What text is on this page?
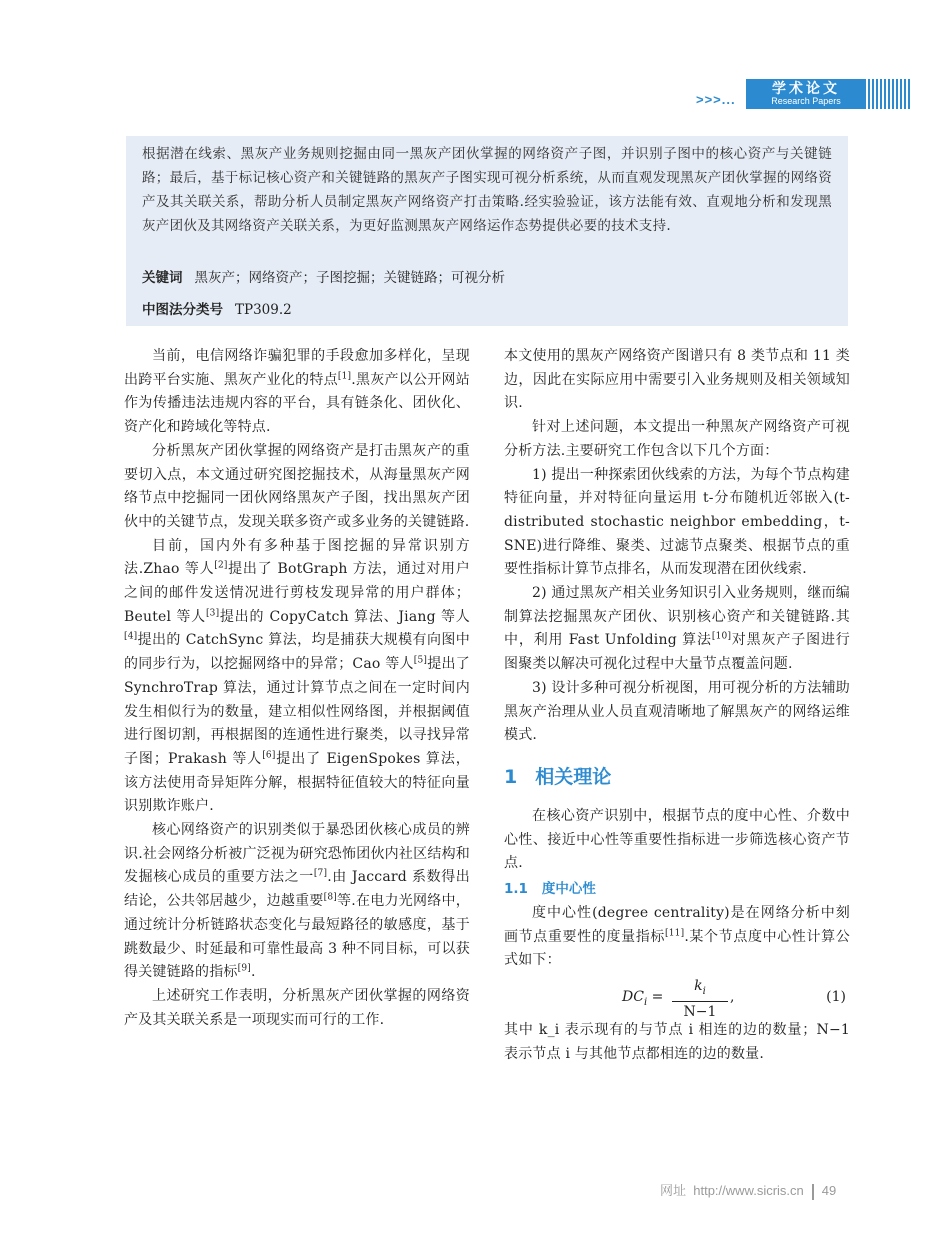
>>>...
学术论文
Research Papers
根据潜在线索、黑灰产业务规则挖掘由同一黑灰产团伙掌握的网络资产子图，并识别子图中的核心资产与关键链路；最后，基于标记核心资产和关键链路的黑灰产子图实现可视分析系统，从而直观发现黑灰产团伙掌握的网络资产及其关联关系，帮助分析人员制定黑灰产网络资产打击策略.经实验验证，该方法能有效、直观地分析和发现黑灰产团伙及其网络资产关联关系，为更好监测黑灰产网络运作态势提供必要的技术支持.
关键词 黑灰产；网络资产；子图挖掘；关键链路；可视分析
中图法分类号 TP309.2

当前，电信网络诈骗犯罪的手段愈加多样化，呈现出跨平台实施、黑灰产业化的特点[1].黑灰产以公开网站作为传播违法违规内容的平台，具有链条化、团伙化、资产化和跨域化等特点.

分析黑灰产团伙掌握的网络资产是打击黑灰产的重要切入点，本文通过研究图挖掘技术，从海量黑灰产网络节点中挖掘同一团伙网络黑灰产子图，找出黑灰产团伙中的关键节点，发现关联多资产或多业务的关键链路.

目前，国内外有多种基于图挖掘的异常识别方法.Zhao 等人[2]提出了 BotGraph 方法，通过对用户之间的邮件发送情况进行剪枝发现异常的用户群体；Beutel 等人[3]提出的 CopyCatch 算法、Jiang 等人[4]提出的 CatchSync 算法，均是捕获大规模有向图中的同步行为，以挖掘网络中的异常；Cao 等人[5]提出了 SynchroTrap 算法，通过计算节点之间在一定时间内发生相似行为的数量，建立相似性网络图，并根据阈值进行图切割，再根据图的连通性进行聚类，以寻找异常子图；Prakash 等人[6]提出了 EigenSpokes 算法，该方法使用奇异矩阵分解，根据特征值较大的特征向量识别欺诈账户.

核心网络资产的识别类似于暴恐团伙核心成员的辨识.社会网络分析被广泛视为研究恐怖团伙内社区结构和发掘核心成员的重要方法之一[7].由 Jaccard 系数得出结论，公共邻居越少，边越重要[8]等.在电力光网络中，通过统计分析链路状态变化与最短路径的敏感度，基于跳数最少、时延最和可靠性最高 3 种不同目标，可以获得关键链路的指标[9].

上述研究工作表明，分析黑灰产团伙掌握的网络资产及其关联关系是一项现实而可行的工作.

本文使用的黑灰产网络资产图谱只有 8 类节点和 11 类边，因此在实际应用中需要引入业务规则及相关领域知识.

针对上述问题，本文提出一种黑灰产网络资产可视分析方法.主要研究工作包含以下几个方面：

1) 提出一种探索团伙线索的方法，为每个节点构建特征向量，并对特征向量运用 t-分布随机近邻嵌入(t-distributed stochastic neighbor embedding，t-SNE)进行降维、聚类、过滤节点聚类、根据节点的重要性指标计算节点排名，从而发现潜在团伙线索.

2) 通过黑灰产相关业务知识引入业务规则，继而编制算法挖掘黑灰产团伙、识别核心资产和关键链路.其中，利用 Fast Unfolding 算法[10]对黑灰产子图进行图聚类以解决可视化过程中大量节点覆盖问题.

3) 设计多种可视分析视图，用可视分析的方法辅助黑灰产治理从业人员直观清晰地了解黑灰产的网络运维模式.

1 相关理论

在核心资产识别中，根据节点的度中心性、介数中心性、接近中心性等重要性指标进一步筛选核心资产节点.

1.1 度中心性

度中心性(degree centrality)是在网络分析中刻画节点重要性的度量指标[11].某个节点度中心性计算公式如下：

$DC_i = \frac{k_i}{N-1}$ ,	(1)

其中 k_i 表示现有的与节点 i 相连的边的数量；N−1 表示节点 i 与其他节点都相连的边的数量.

网址 http://www.sicris.cn 49
